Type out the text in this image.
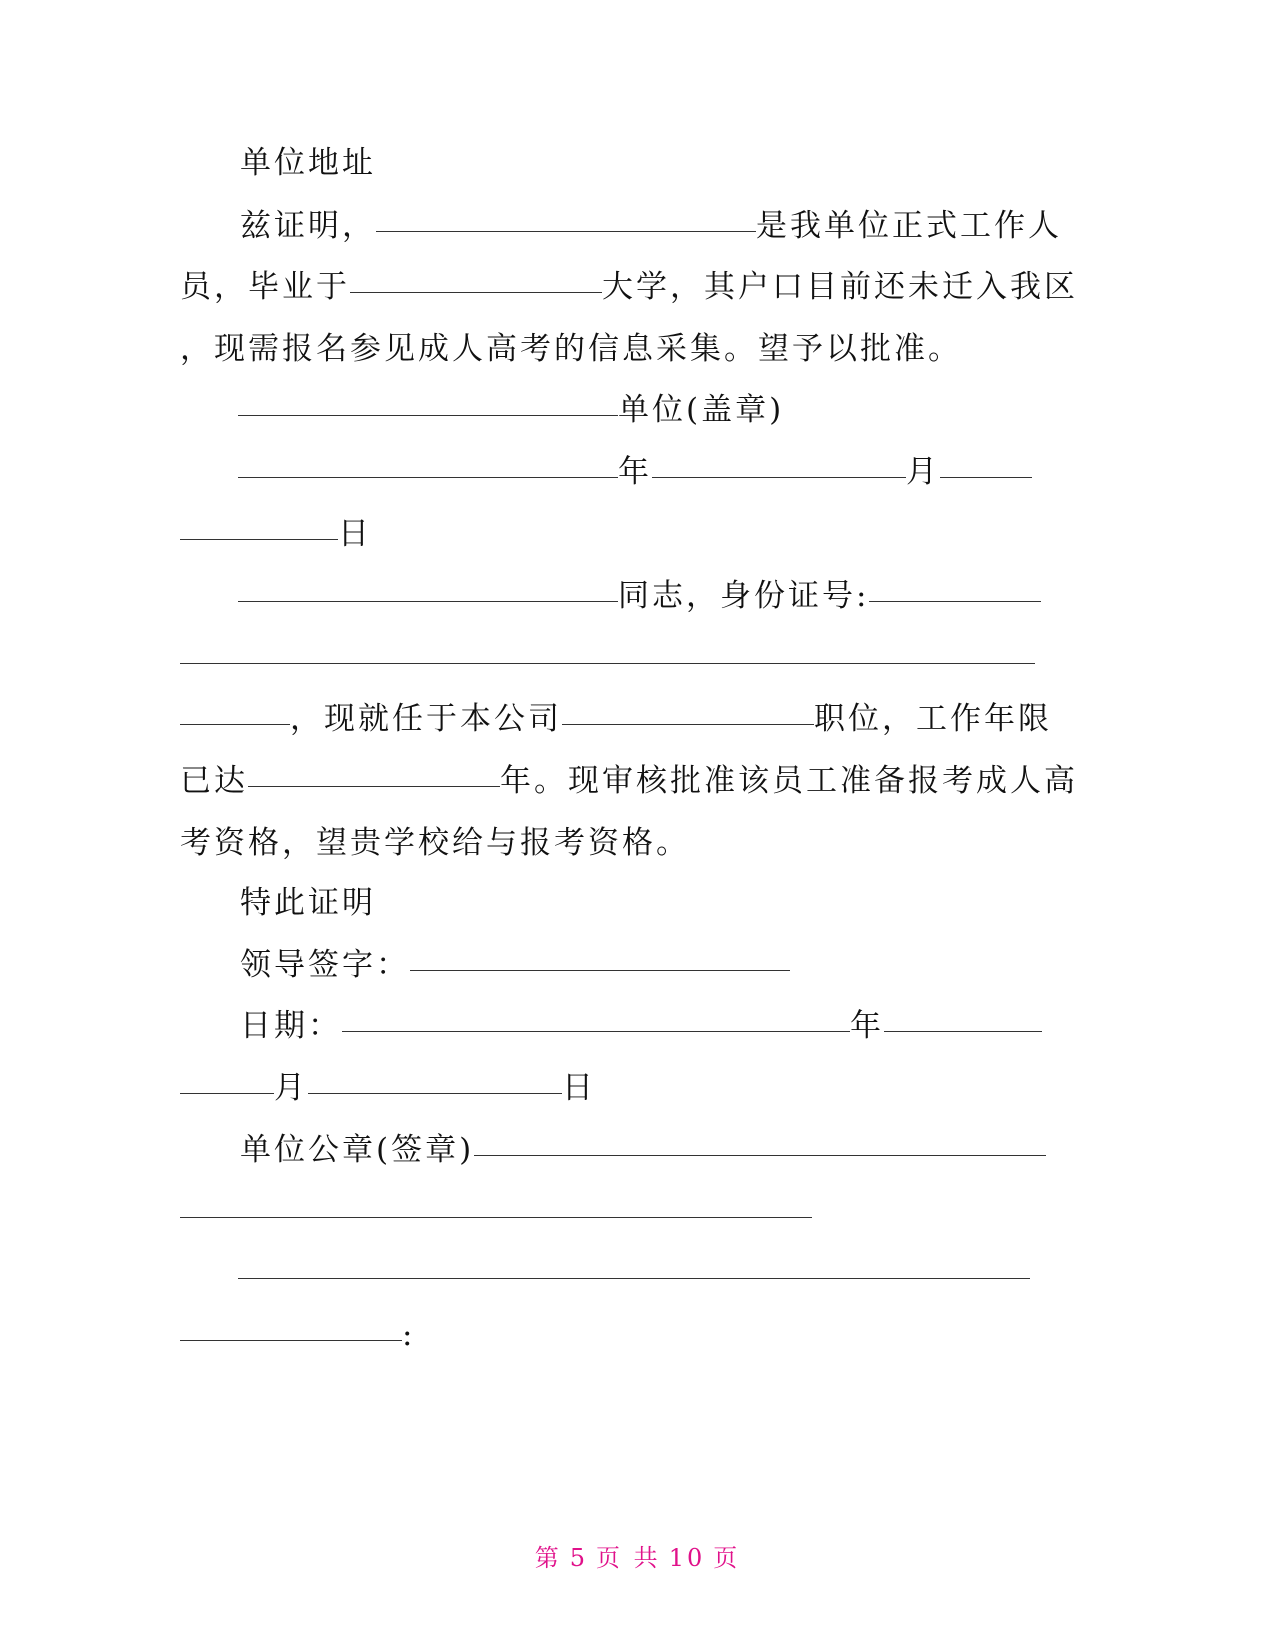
单位地址
兹证明，	是我单位正式工作人
员，毕业于	大学，其户口目前还未迁入我区
，现需报名参见成人高考的信息采集。望予以批准。
单位(盖章)
年	月
日
同志，身份证号:
，现就任于本公司	职位，工作年限
已达	年。现审核批准该员工准备报考成人高
考资格，望贵学校给与报考资格。
特此证明
领导签字：
日期：	年
月	日
单位公章(签章)
:
第 5 页 共 10 页
